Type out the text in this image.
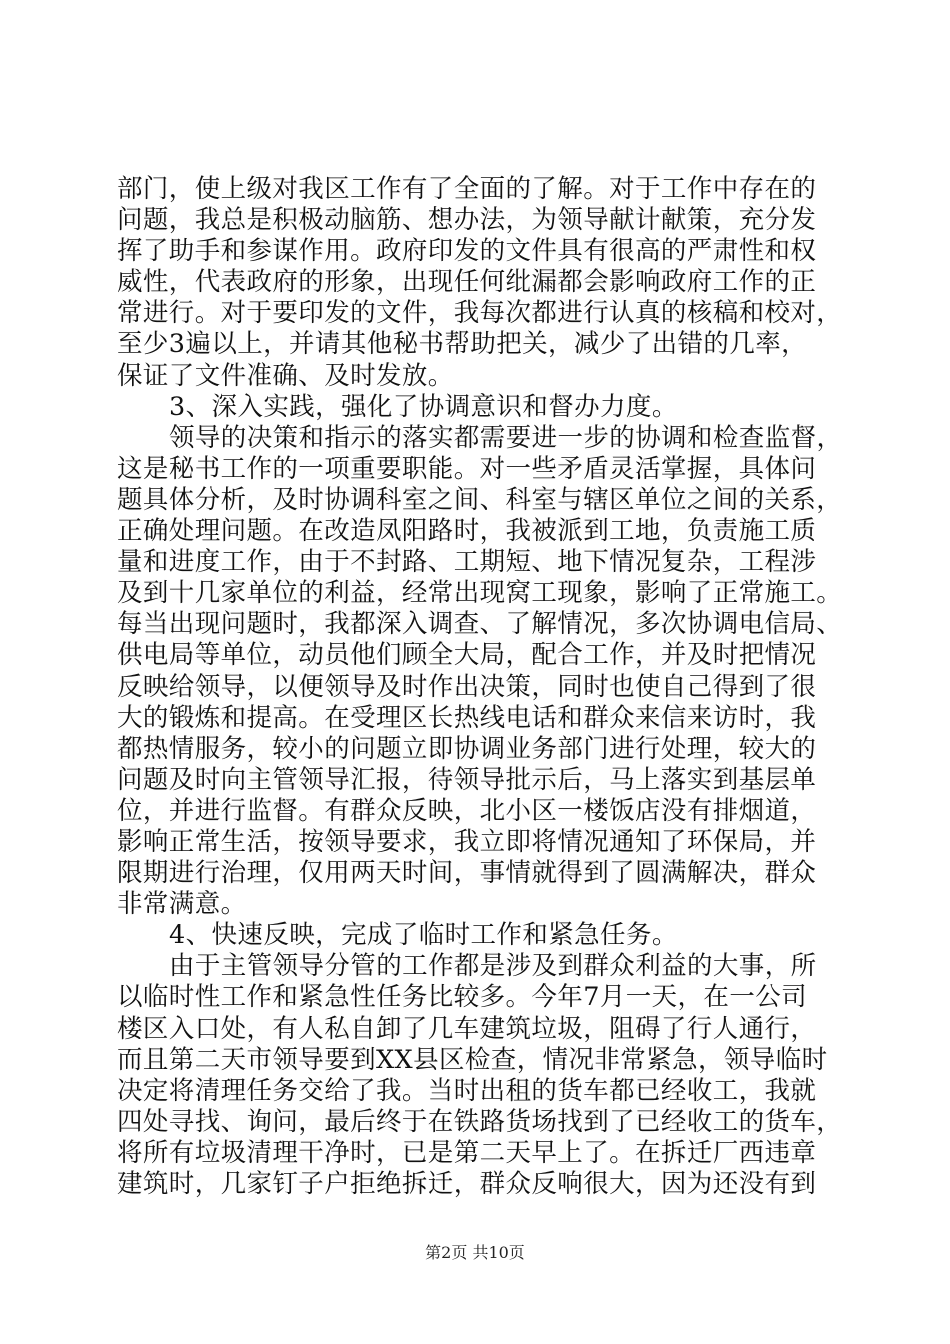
部门，使上级对我区工作有了全面的了解。对于工作中存在的
问题，我总是积极动脑筋、想办法，为领导献计献策，充分发
挥了助手和参谋作用。政府印发的文件具有很高的严肃性和权
威性，代表政府的形象，出现任何纰漏都会影响政府工作的正
常进行。对于要印发的文件，我每次都进行认真的核稿和校对，
至少3遍以上，并请其他秘书帮助把关，减少了出错的几率，
保证了文件准确、及时发放。
3、深入实践，强化了协调意识和督办力度。
领导的决策和指示的落实都需要进一步的协调和检查监督，
这是秘书工作的一项重要职能。对一些矛盾灵活掌握，具体问
题具体分析，及时协调科室之间、科室与辖区单位之间的关系，
正确处理问题。在改造凤阳路时，我被派到工地，负责施工质
量和进度工作，由于不封路、工期短、地下情况复杂，工程涉
及到十几家单位的利益，经常出现窝工现象，影响了正常施工。
每当出现问题时，我都深入调查、了解情况，多次协调电信局、
供电局等单位，动员他们顾全大局，配合工作，并及时把情况
反映给领导，以便领导及时作出决策，同时也使自己得到了很
大的锻炼和提高。在受理区长热线电话和群众来信来访时，我
都热情服务，较小的问题立即协调业务部门进行处理，较大的
问题及时向主管领导汇报，待领导批示后，马上落实到基层单
位，并进行监督。有群众反映，北小区一楼饭店没有排烟道，
影响正常生活，按领导要求，我立即将情况通知了环保局，并
限期进行治理，仅用两天时间，事情就得到了圆满解决，群众
非常满意。
4、快速反映，完成了临时工作和紧急任务。
由于主管领导分管的工作都是涉及到群众利益的大事，所
以临时性工作和紧急性任务比较多。今年7月一天，在一公司
楼区入口处，有人私自卸了几车建筑垃圾，阻碍了行人通行，
而且第二天市领导要到XX县区检查，情况非常紧急，领导临时
决定将清理任务交给了我。当时出租的货车都已经收工，我就
四处寻找、询问，最后终于在铁路货场找到了已经收工的货车，
将所有垃圾清理干净时，已是第二天早上了。在拆迁厂西违章
建筑时，几家钉子户拒绝拆迁，群众反响很大，因为还没有到
第2页 共10页
